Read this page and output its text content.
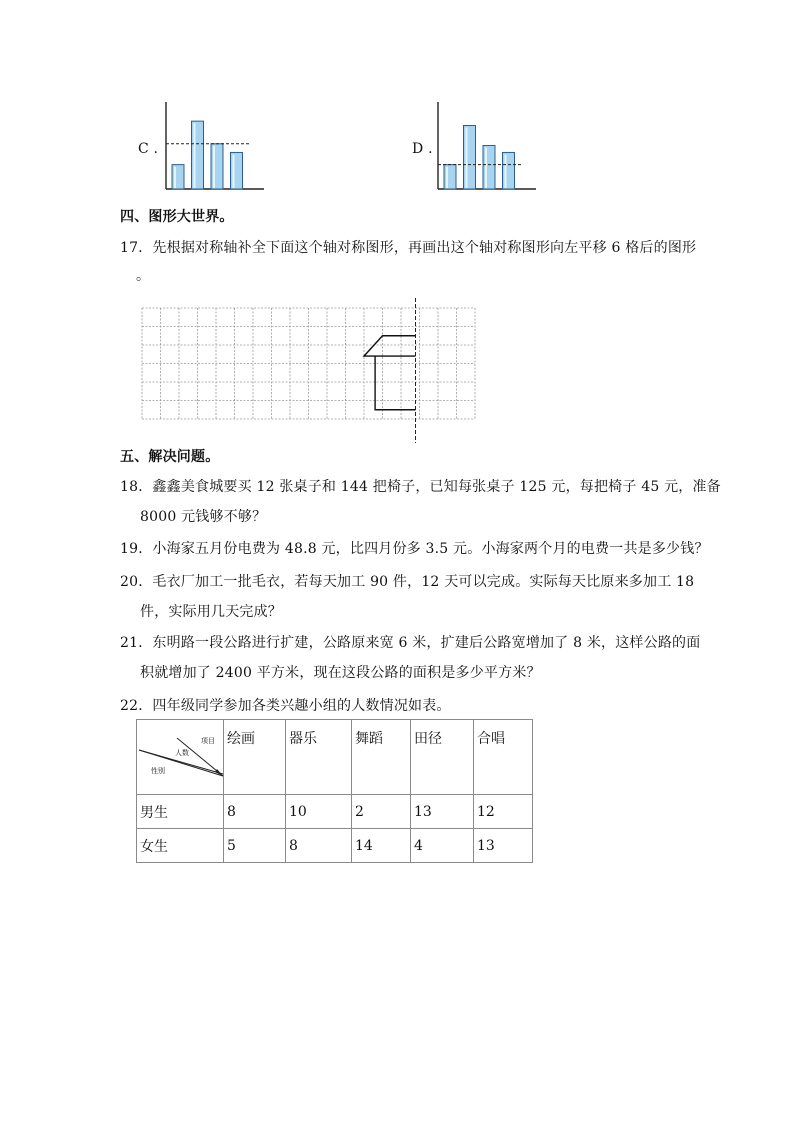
C .	D .
四、图形大世界。
17．先根据对称轴补全下面这个轴对称图形，再画出这个轴对称图形向左平移 6 格后的图形
。
五、解决问题。
18．鑫鑫美食城要买 12 张桌子和 144 把椅子，已知每张桌子 125 元，每把椅子 45 元，准备
8000 元钱够不够？
19．小海家五月份电费为 48.8 元，比四月份多 3.5 元。小海家两个月的电费一共是多少钱？
20．毛衣厂加工一批毛衣，若每天加工 90 件，12 天可以完成。实际每天比原来多加工 18
件，实际用几天完成？
21．东明路一段公路进行扩建，公路原来宽 6 米，扩建后公路宽增加了 8 米，这样公路的面
积就增加了 2400 平方米，现在这段公路的面积是多少平方米？
22．四年级同学参加各类兴趣小组的人数情况如表。
项目
人数
性别	绘画	器乐	舞蹈	田径	合唱
男生	8	10	2	13	12
女生	5	8	14	4	13
